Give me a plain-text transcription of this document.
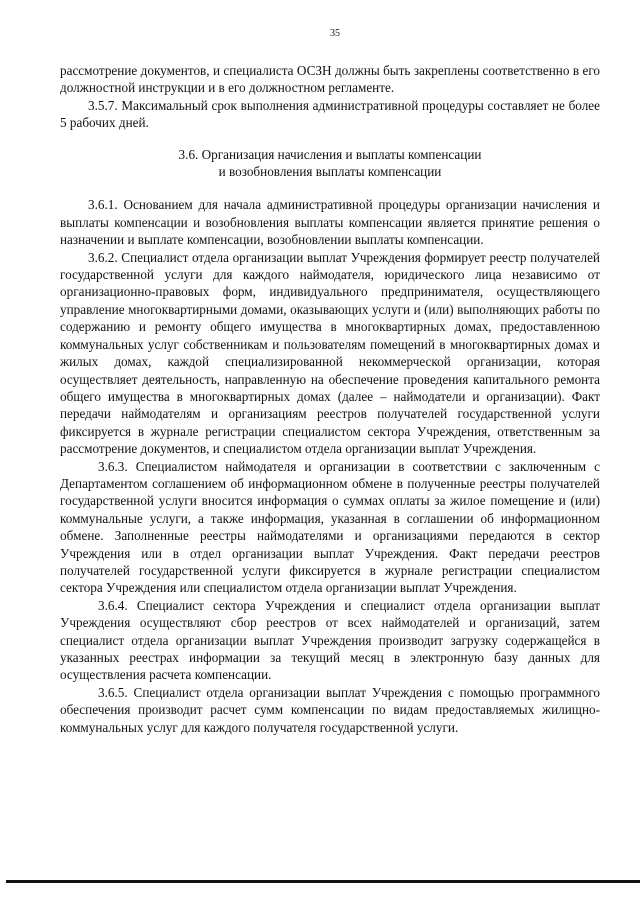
35

рассмотрение документов, и специалиста ОСЗН должны быть закреплены соответственно в его должностной инструкции и в его должностном регламенте.

3.5.7. Максимальный срок выполнения административной процедуры составляет не более 5 рабочих дней.

3.6. Организация начисления и выплаты компенсации
и возобновления выплаты компенсации

3.6.1. Основанием для начала административной процедуры организации начисления и выплаты компенсации и возобновления выплаты компенсации является принятие решения о назначении и выплате компенсации, возобновлении выплаты компенсации.

3.6.2. Специалист отдела организации выплат Учреждения формирует реестр получателей государственной услуги для каждого наймодателя, юридического лица независимо от организационно-правовых форм, индивидуального предпринимателя, осуществляющего управление многоквартирными домами, оказывающих услуги и (или) выполняющих работы по содержанию и ремонту общего имущества в многоквартирных домах, предоставленною коммунальных услуг собственникам и пользователям помещений в многоквартирных домах и жилых домах, каждой специализированной некоммерческой организации, которая осуществляет деятельность, направленную на обеспечение проведения капитального ремонта общего имущества в многоквартирных домах (далее – наймодатели и организации). Факт передачи наймодателям и организациям реестров получателей государственной услуги фиксируется в журнале регистрации специалистом сектора Учреждения, ответственным за рассмотрение документов, и специалистом отдела организации выплат Учреждения.

3.6.3. Специалистом наймодателя и организации в соответствии с заключенным с Департаментом соглашением об информационном обмене в полученные реестры получателей государственной услуги вносится информация о суммах оплаты за жилое помещение и (или) коммунальные услуги, а также информация, указанная в соглашении об информационном обмене. Заполненные реестры наймодателями и организациями передаются в сектор Учреждения или в отдел организации выплат Учреждения. Факт передачи реестров получателей государственной услуги фиксируется в журнале регистрации специалистом сектора Учреждения или специалистом отдела организации выплат Учреждения.

3.6.4. Специалист сектора Учреждения и специалист отдела организации выплат Учреждения осуществляют сбор реестров от всех наймодателей и организаций, затем специалист отдела организации выплат Учреждения производит загрузку содержащейся в указанных реестрах информации за текущий месяц в электронную базу данных для осуществления расчета компенсации.

3.6.5. Специалист отдела организации выплат Учреждения с помощью программного обеспечения производит расчет сумм компенсации по видам предоставляемых жилищно-коммунальных услуг для каждого получателя государственной услуги.
